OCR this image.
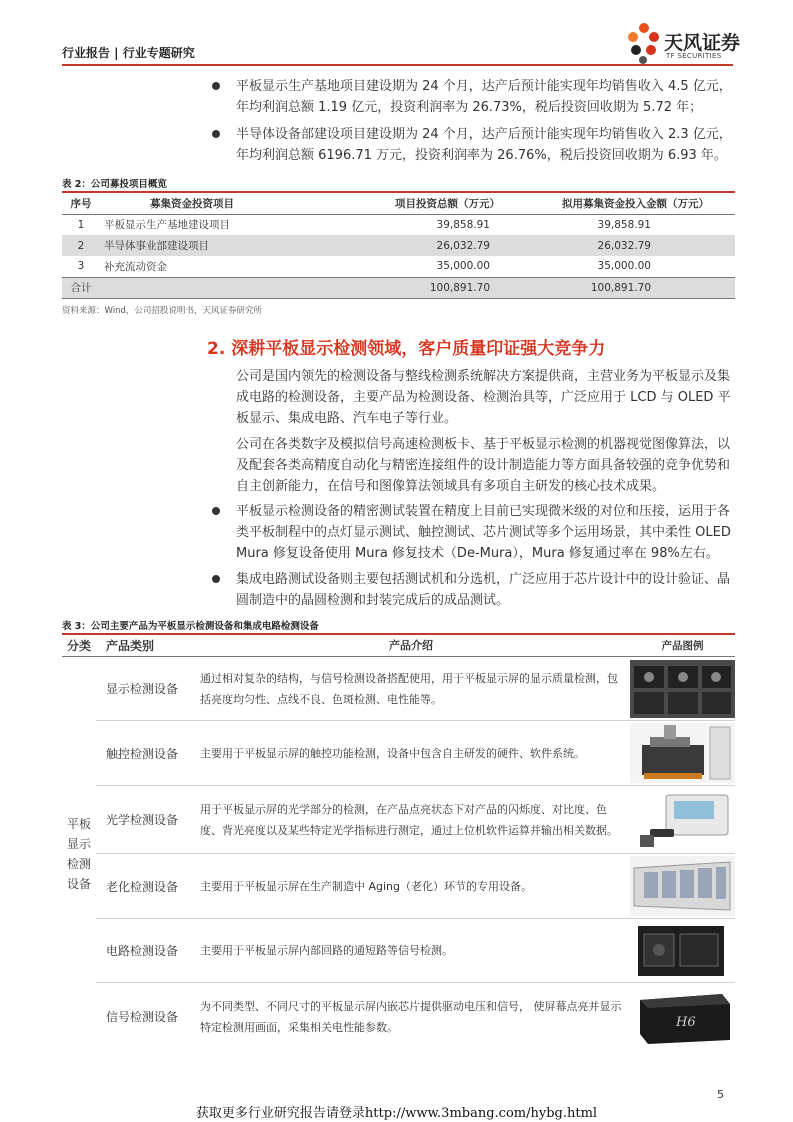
行业报告 | 行业专题研究	天风证券
TF SECURITIES
平板显示生产基地项目建设期为 24 个月，达产后预计能实现年均销售收入 4.5 亿元，年均利润总额 1.19 亿元，投资利润率为 26.73%，税后投资回收期为 5.72 年；
半导体设备部建设项目建设期为 24 个月，达产后预计能实现年均销售收入 2.3 亿元，年均利润总额 6196.71 万元，投资利润率为 26.76%，税后投资回收期为 6.93 年。
表 2：公司募投项目概览
序号	募集资金投资项目	项目投资总额（万元）	拟用募集资金投入金额（万元）
1	平板显示生产基地建设项目	39,858.91	39,858.91
2	半导体事业部建设项目	26,032.79	26,032.79
3	补充流动资金	35,000.00	35,000.00
合计		100,891.70	100,891.70
资料来源：Wind，公司招股说明书，天风证券研究所
2. 深耕平板显示检测领域，客户质量印证强大竞争力
公司是国内领先的检测设备与整线检测系统解决方案提供商，主营业务为平板显示及集成电路的检测设备，主要产品为检测设备、检测治具等，广泛应用于 LCD 与 OLED 平板显示、集成电路、汽车电子等行业。
公司在各类数字及模拟信号高速检测板卡、基于平板显示检测的机器视觉图像算法，以及配套各类高精度自动化与精密连接组件的设计制造能力等方面具备较强的竞争优势和自主创新能力，在信号和图像算法领域具有多项自主研发的核心技术成果。
平板显示检测设备的精密测试装置在精度上目前已实现微米级的对位和压接，运用于各类平板制程中的点灯显示测试、触控测试、芯片测试等多个运用场景，其中柔性 OLED Mura 修复设备使用 Mura 修复技术（De-Mura），Mura 修复通过率在 98%左右。
集成电路测试设备则主要包括测试机和分选机，广泛应用于芯片设计中的设计验证、晶圆制造中的晶圆检测和封装完成后的成品测试。
表 3：公司主要产品为平板显示检测设备和集成电路检测设备
分类	产品类别	产品介绍	产品图例
平板
显示
检测
设备	显示检测设备	通过相对复杂的结构，与信号检测设备搭配使用，用于平板显示屏的显示质量检测，包括亮度均匀性、点线不良、色斑检测、电性能等。	

	触控检测设备	主要用于平板显示屏的触控功能检测，设备中包含自主研发的硬件、软件系统。	

	光学检测设备	用于平板显示屏的光学部分的检测，在产品点亮状态下对产品的闪烁度、对比度、色度、背光亮度以及某些特定光学指标进行测定，通过上位机软件运算并输出相关数据。	

	老化检测设备	主要用于平板显示屏在生产制造中 Aging（老化）环节的专用设备。	

	电路检测设备	主要用于平板显示屏内部回路的通短路等信号检测。	

	信号检测设备	为不同类型、不同尺寸的平板显示屏内嵌芯片提供驱动电压和信号， 使屏幕点亮并显示特定检测用画面，采集相关电性能参数。	H6
5
获取更多行业研究报告请登录http://www.3mbang.com/hybg.html
